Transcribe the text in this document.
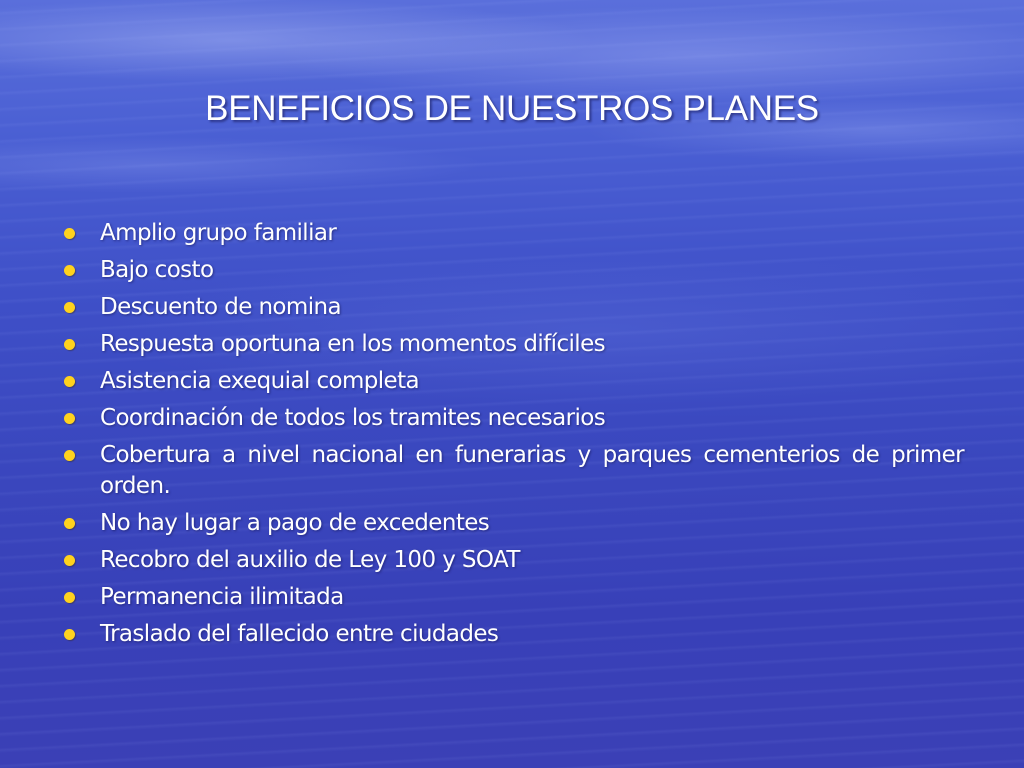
BENEFICIOS DE NUESTROS PLANES
Amplio grupo familiar
Bajo costo
Descuento de nomina
Respuesta oportuna en los momentos difíciles
Asistencia exequial completa
Coordinación de todos los tramites necesarios
Cobertura a nivel nacional en funerarias y parques cementerios de primer orden.
No hay lugar a pago de excedentes
Recobro del auxilio de Ley 100 y SOAT
Permanencia ilimitada
Traslado del fallecido entre ciudades
